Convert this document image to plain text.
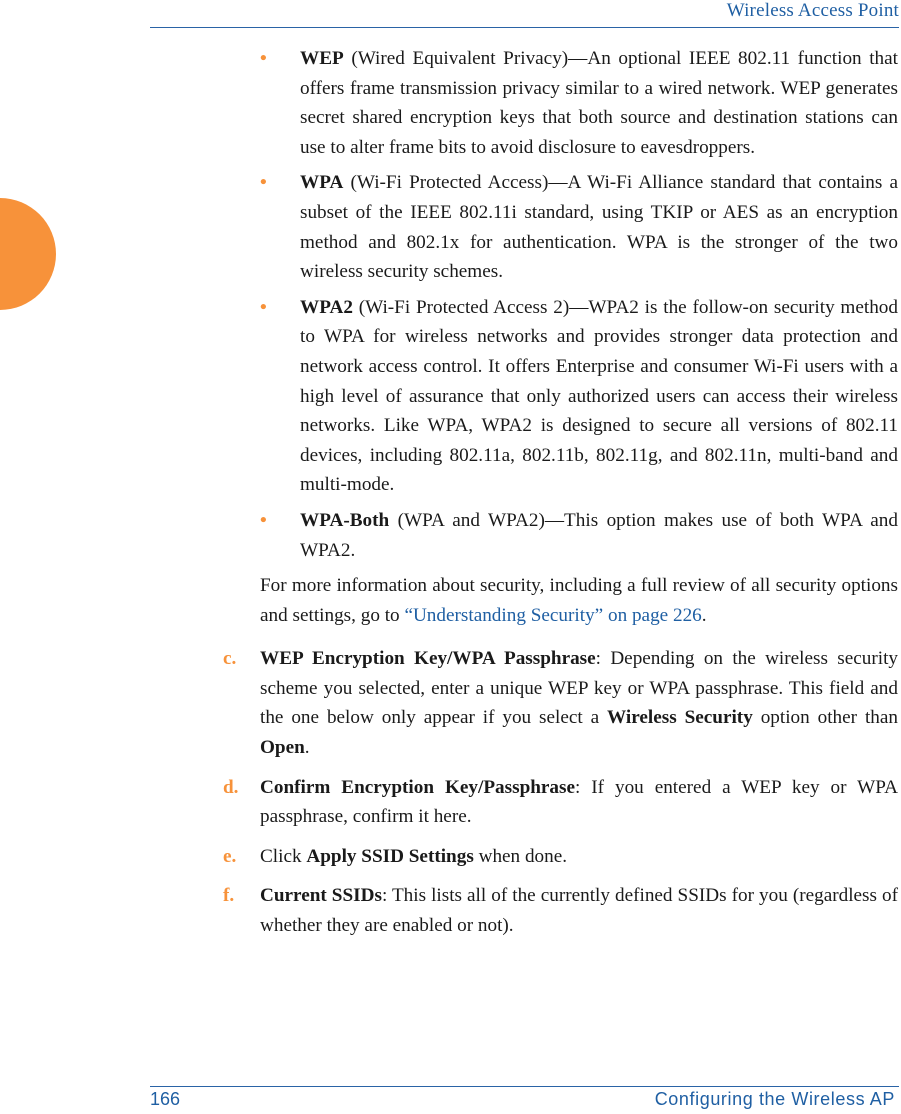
Wireless Access Point
• WEP (Wired Equivalent Privacy)—An optional IEEE 802.11 function that offers frame transmission privacy similar to a wired network. WEP generates secret shared encryption keys that both source and destination stations can use to alter frame bits to avoid disclosure to eavesdroppers.
• WPA (Wi-Fi Protected Access)—A Wi-Fi Alliance standard that contains a subset of the IEEE 802.11i standard, using TKIP or AES as an encryption method and 802.1x for authentication. WPA is the stronger of the two wireless security schemes.
• WPA2 (Wi-Fi Protected Access 2)—WPA2 is the follow-on security method to WPA for wireless networks and provides stronger data protection and network access control. It offers Enterprise and consumer Wi-Fi users with a high level of assurance that only authorized users can access their wireless networks. Like WPA, WPA2 is designed to secure all versions of 802.11 devices, including 802.11a, 802.11b, 802.11g, and 802.11n, multi-band and multi-mode.
• WPA-Both (WPA and WPA2)—This option makes use of both WPA and WPA2.

For more information about security, including a full review of all security options and settings, go to “Understanding Security” on page 226.

c. WEP Encryption Key/WPA Passphrase: Depending on the wireless security scheme you selected, enter a unique WEP key or WPA passphrase. This field and the one below only appear if you select a Wireless Security option other than Open.
d. Confirm Encryption Key/Passphrase: If you entered a WEP key or WPA passphrase, confirm it here.
e. Click Apply SSID Settings when done.
f. Current SSIDs: This lists all of the currently defined SSIDs for you (regardless of whether they are enabled or not).
166	Configuring the Wireless AP
